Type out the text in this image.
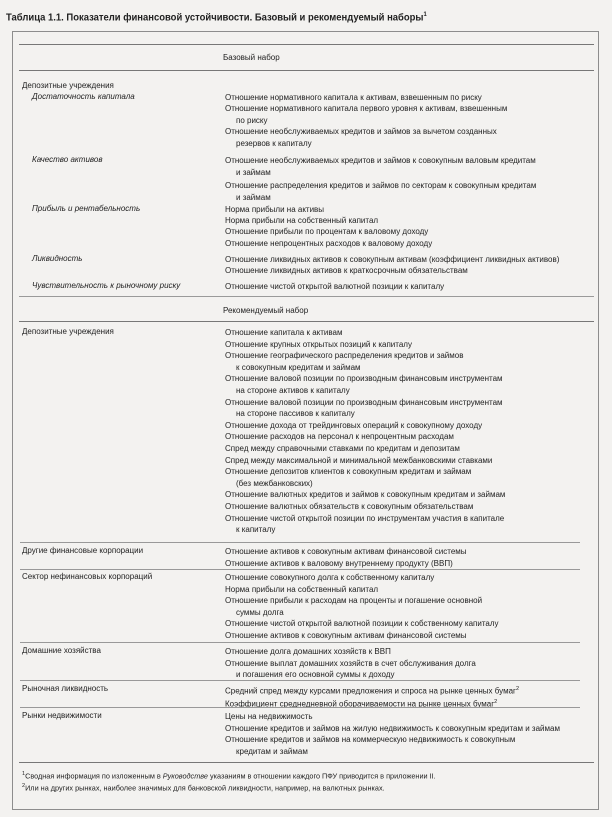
Таблица 1.1. Показатели финансовой устойчивости. Базовый и рекомендуемый наборы$^1$
Базовый набор
Депозитные учреждения
Достаточность капитала	Отношение нормативного капитала к активам, взвешенным по риску
Отношение нормативного капитала первого уровня к активам, взвешенным
по риску
Отношение необслуживаемых кредитов и займов за вычетом созданных
резервов к капиталу
Качество активов	Отношение необслуживаемых кредитов и займов к совокупным валовым кредитам
и займам
Отношение распределения кредитов и займов по секторам к совокупным кредитам
и займам
Прибыль и рентабельность	Норма прибыли на активы
Норма прибыли на собственный капитал
Отношение прибыли по процентам к валовому доходу
Отношение непроцентных расходов к валовому доходу
Ликвидность	Отношение ликвидных активов к совокупным активам (коэффициент ликвидных активов)
Отношение ликвидных активов к краткосрочным обязательствам
Чувствительность к рыночному риску	Отношение чистой открытой валютной позиции к капиталу
Рекомендуемый набор
Депозитные учреждения	Отношение капитала к активам
Отношение крупных открытых позиций к капиталу
Отношение географического распределения кредитов и займов
к совокупным кредитам и займам
Отношение валовой позиции по производным финансовым инструментам
на стороне активов к капиталу
Отношение валовой позиции по производным финансовым инструментам
на стороне пассивов к капиталу
Отношение дохода от трейдинговых операций к совокупному доходу
Отношение расходов на персонал к непроцентным расходам
Спред между справочными ставками по кредитам и депозитам
Спред между максимальной и минимальной межбанковскими ставками
Отношение депозитов клиентов к совокупным кредитам и займам
(без межбанковских)
Отношение валютных кредитов и займов к совокупным кредитам и займам
Отношение валютных обязательств к совокупным обязательствам
Отношение чистой открытой позиции по инструментам участия в капитале
к капиталу
Другие финансовые корпорации	Отношение активов к совокупным активам финансовой системы
Отношение активов к валовому внутреннему продукту (ВВП)
Сектор нефинансовых корпораций	Отношение совокупного долга к собственному капиталу
Норма прибыли на собственный капитал
Отношение прибыли к расходам на проценты и погашение основной
суммы долга
Отношение чистой открытой валютной позиции к собственному капиталу
Отношение активов к совокупным активам финансовой системы
Домашние хозяйства	Отношение долга домашних хозяйств к ВВП
Отношение выплат домашних хозяйств в счет обслуживания долга
и погашения его основной суммы к доходу
Рыночная ликвидность	Средний спред между курсами предложения и спроса на рынке ценных бумаг$^2$
Коэффициент среднедневной оборачиваемости на рынке ценных бумаг$^2$
Рынки недвижимости	Цены на недвижимость
Отношение кредитов и займов на жилую недвижимость к совокупным кредитам и займам
Отношение кредитов и займов на коммерческую недвижимость к совокупным
кредитам и займам
$^1$Сводная информация по изложенным в Руководстве указаниям в отношении каждого ПФУ приводится в приложении II.
$^2$Или на других рынках, наиболее значимых для банковской ликвидности, например, на валютных рынках.
